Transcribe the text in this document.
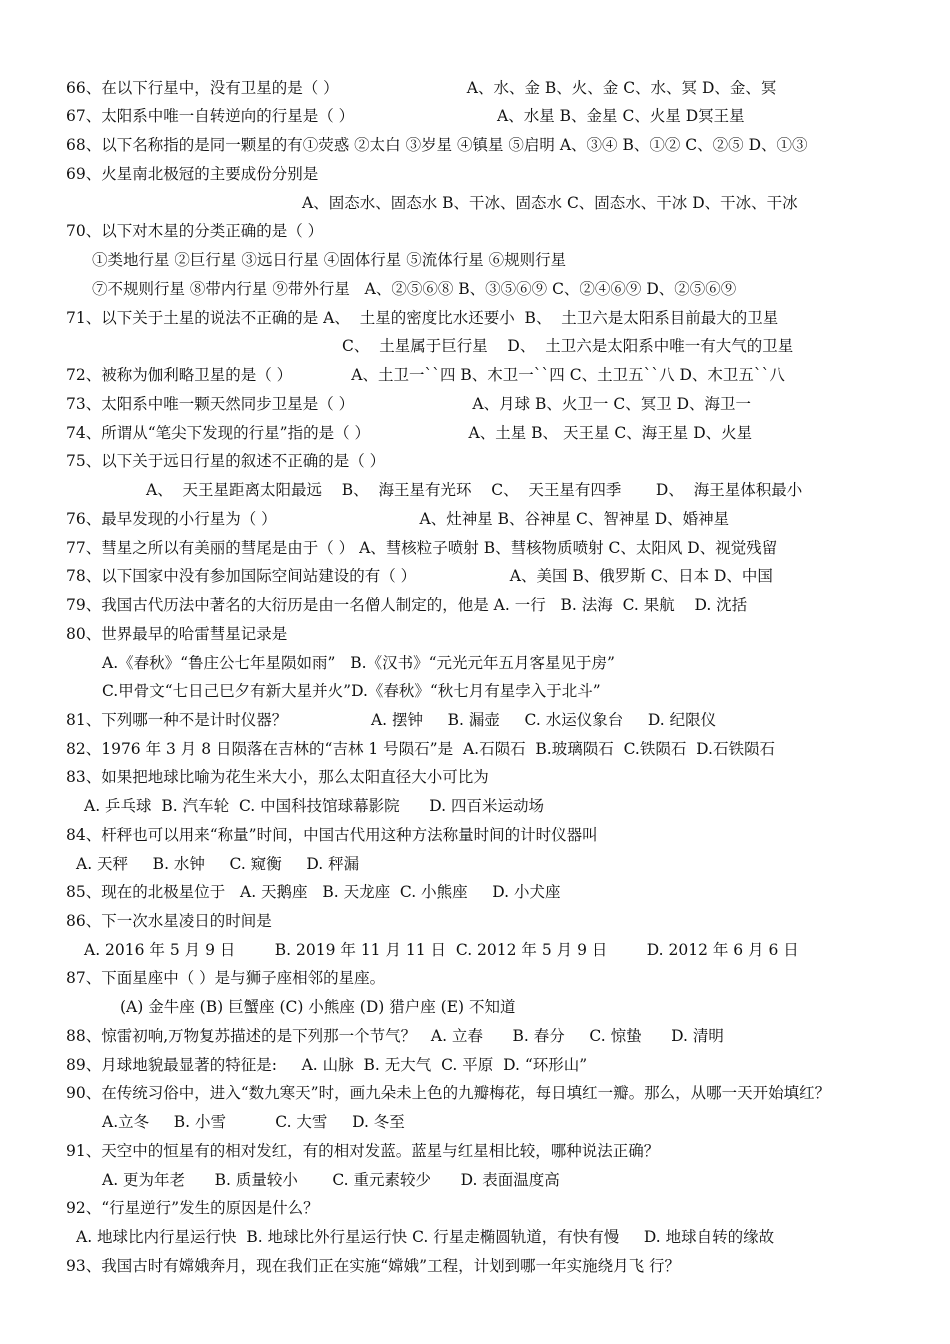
66、在以下行星中，没有卫星的是（ ）                          A、水、金 B、火、金 C、水、冥 D、金、冥
67、太阳系中唯一自转逆向的行星是（ ）                             A、水星 B、金星 C、火星 D冥王星
68、以下名称指的是同一颗星的有①荧惑 ②太白 ③岁星 ④镇星 ⑤启明 A、③④ B、①② C、②⑤ D、①③
69、火星南北极冠的主要成份分别是
A、固态水、固态水 B、干冰、固态水 C、固态水、干冰 D、干冰、干冰
70、以下对木星的分类正确的是（ ）
①类地行星 ②巨行星 ③远日行星 ④固体行星 ⑤流体行星 ⑥规则行星
⑦不规则行星 ⑧带内行星 ⑨带外行星   A、②⑤⑥⑧ B、③⑤⑥⑨ C、②④⑥⑨ D、②⑤⑥⑨
71、以下关于土星的说法不正确的是 A、  土星的密度比水还要小  B、  土卫六是太阳系目前最大的卫星
C、  土星属于巨行星    D、  土卫六是太阳系中唯一有大气的卫星
72、被称为伽利略卫星的是（ ）            A、土卫一``四 B、木卫一``四 C、土卫五``八 D、木卫五``八
73、太阳系中唯一颗天然同步卫星是（ ）                        A、月球 B、火卫一 C、冥卫 D、海卫一
74、所谓从“笔尖下发现的行星”指的是（ ）                    A、土星 B、 天王星 C、海王星 D、火星
75、以下关于远日行星的叙述不正确的是（ ）
A、  天王星距离太阳最远    B、  海王星有光环    C、  天王星有四季       D、  海王星体积最小
76、最早发现的小行星为（ ）                             A、灶神星 B、谷神星 C、智神星 D、婚神星
77、彗星之所以有美丽的彗尾是由于（ ） A、彗核粒子喷射 B、彗核物质喷射 C、太阳风 D、视觉残留
78、以下国家中没有参加国际空间站建设的有（ ）                   A、美国 B、俄罗斯 C、日本 D、中国
79、我国古代历法中著名的大衍历是由一名僧人制定的，他是 A. 一行   B. 法海  C. 果航    D. 沈括
80、世界最早的哈雷彗星记录是
A.《春秋》“鲁庄公七年星陨如雨”   B.《汉书》“元光元年五月客星见于房”
C.甲骨文“七日己巳夕有新大星并火”D.《春秋》“秋七月有星孛入于北斗”
81、下列哪一种不是计时仪器？                 A. 摆钟     B. 漏壶     C. 水运仪象台     D. 纪限仪
82、1976 年 3 月 8 日陨落在吉林的“吉林 1 号陨石”是  A.石陨石  B.玻璃陨石  C.铁陨石  D.石铁陨石
83、如果把地球比喻为花生米大小，那么太阳直径大小可比为
A. 乒乓球  B. 汽车轮  C. 中国科技馆球幕影院      D. 四百米运动场
84、杆秤也可以用来“称量”时间，中国古代用这种方法称量时间的计时仪器叫
A. 天秤     B. 水钟     C. 窥衡     D. 秤漏
85、现在的北极星位于   A. 天鹅座   B. 天龙座  C. 小熊座     D. 小犬座
86、下一次水星凌日的时间是
A. 2016 年 5 月 9 日        B. 2019 年 11 月 11 日  C. 2012 年 5 月 9 日        D. 2012 年 6 月 6 日
87、下面星座中（ ）是与狮子座相邻的星座。
(A) 金牛座 (B) 巨蟹座 (C) 小熊座 (D) 猎户座 (E) 不知道
88、惊雷初响,万物复苏描述的是下列那一个节气？   A. 立春      B. 春分     C. 惊蛰      D. 清明
89、月球地貌最显著的特征是:     A. 山脉  B. 无大气  C. 平原  D. “环形山”
90、在传统习俗中，进入“数九寒天”时，画九朵未上色的九瓣梅花，每日填红一瓣。那么，从哪一天开始填红？
A.立冬     B. 小雪          C. 大雪     D. 冬至
91、天空中的恒星有的相对发红，有的相对发蓝。蓝星与红星相比较，哪种说法正确？
A. 更为年老      B. 质量较小       C. 重元素较少      D. 表面温度高
92、“行星逆行”发生的原因是什么？
A. 地球比内行星运行快  B. 地球比外行星运行快 C. 行星走椭圆轨道，有快有慢     D. 地球自转的缘故
93、我国古时有嫦娥奔月，现在我们正在实施“嫦娥”工程，计划到哪一年实施绕月飞 行？
